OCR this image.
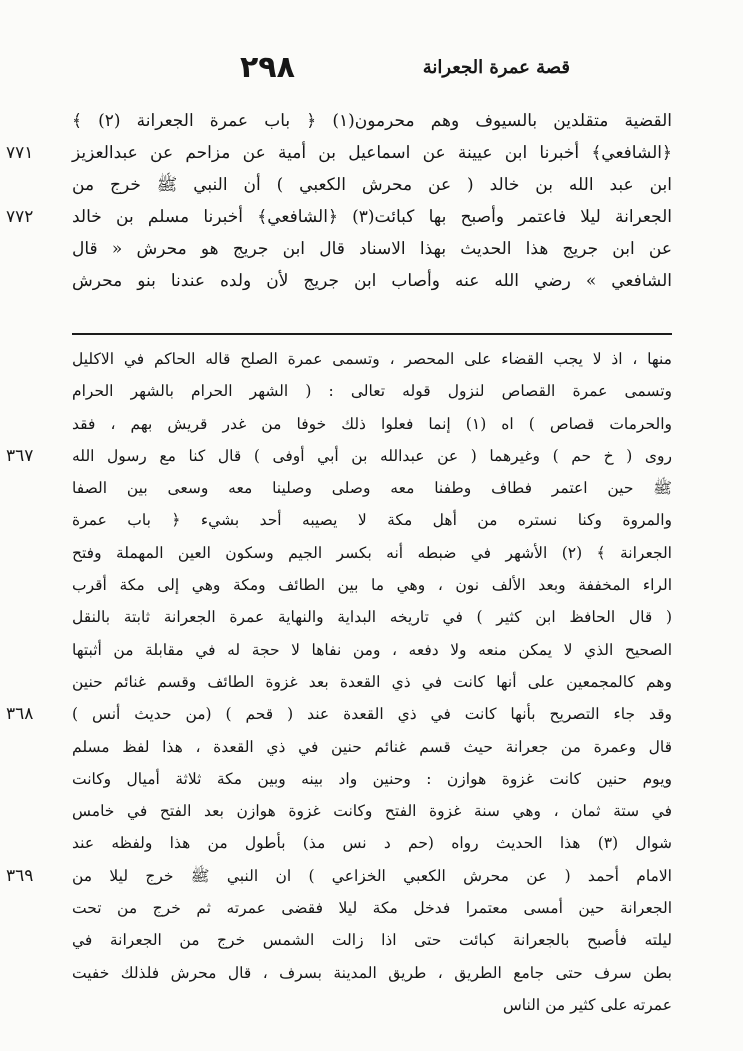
٢٩٨	قصة عمرة الجعرانة
القضية متقلدين بالسيوف وهم محرمون(١) ﴿ باب عمرة الجعرانة (٢) ﴾
٧٧١ ﴿الشافعي﴾ أخبرنا ابن عيينة عن اسماعيل بن أمية عن مزاحم عن عبدالعزيز
ابن عبد الله بن خالد ( عن محرش الكعبي ) أن النبي ﷺ خرج من
٧٧٢ الجعرانة ليلا فاعتمر وأصبح بها كبائت(٣) ﴿الشافعي﴾ أخبرنا مسلم بن خالد
عن ابن جريج هذا الحديث بهذا الاسناد قال ابن جريج هو محرش « قال
الشافعي » رضي الله عنه وأصاب ابن جريج لأن ولده عندنا بنو محرش
منها ، اذ لا يجب القضاء على المحصر ، وتسمى عمرة الصلح قاله الحاكم في الاكليل
وتسمى عمرة القصاص لنزول قوله تعالى : ( الشهر الحرام بالشهر الحرام
والحرمات قصاص ) اه (١) إنما فعلوا ذلك خوفا من غدر قريش بهم ، فقد
٣٦٧ روى ( خ حم ) وغيرهما ( عن عبدالله بن أبي أوفى ) قال كنا مع رسول الله
ﷺ حين اعتمر فطاف وطفنا معه وصلى وصلينا معه وسعى بين الصفا
والمروة وكنا نستره من أهل مكة لا يصيبه أحد بشيء ﴿ باب عمرة
الجعرانة ﴾ (٢) الأشهر في ضبطه أنه بكسر الجيم وسكون العين المهملة وفتح
الراء المخففة وبعد الألف نون ، وهي ما بين الطائف ومكة وهي إلى مكة أقرب
( قال الحافظ ابن كثير ) في تاريخه البداية والنهاية عمرة الجعرانة ثابتة بالنقل
الصحيح الذي لا يمكن منعه ولا دفعه ، ومن نفاها لا حجة له في مقابلة من أثبتها
وهم كالمجمعين على أنها كانت في ذي القعدة بعد غزوة الطائف وقسم غنائم حنين
٣٦٨ وقد جاء التصريح بأنها كانت في ذي القعدة عند ( قحم ) (من حديث أنس )
قال وعمرة من جعرانة حيث قسم غنائم حنين في ذي القعدة ، هذا لفظ مسلم
ويوم حنين كانت غزوة هوازن : وحنين واد بينه وبين مكة ثلاثة أميال وكانت
في ستة ثمان ، وهي سنة غزوة الفتح وكانت غزوة هوازن بعد الفتح في خامس
شوال (٣) هذا الحديث رواه (حم د نس مذ) بأطول من هذا ولفظه عند
٣٦٩ الامام أحمد ( عن محرش الكعبي الخزاعي ) ان النبي ﷺ خرج ليلا من
الجعرانة حين أمسى معتمرا فدخل مكة ليلا فقضى عمرته ثم خرج من تحت
ليلته فأصبح بالجعرانة كبائت حتى اذا زالت الشمس خرج من الجعرانة في
بطن سرف حتى جامع الطريق ، طريق المدينة بسرف ، قال محرش فلذلك خفيت
عمرته على كثير من الناس
